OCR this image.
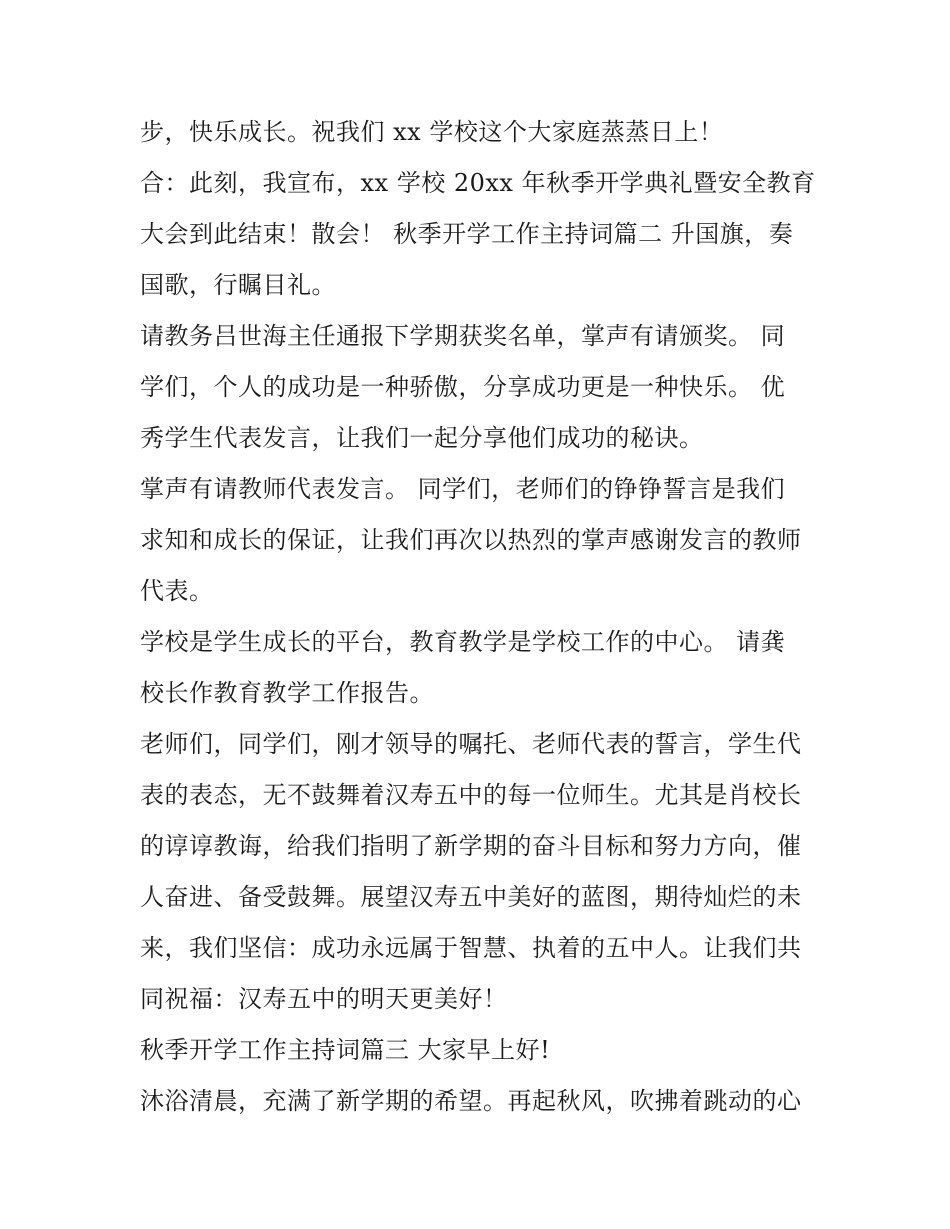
步，快乐成长。祝我们 xx 学校这个大家庭蒸蒸日上！
合：此刻，我宣布，xx 学校 20xx 年秋季开学典礼暨安全教育
大会到此结束！散会！ 秋季开学工作主持词篇二 升国旗，奏
国歌，行瞩目礼。
请教务吕世海主任通报下学期获奖名单，掌声有请颁奖。 同
学们，个人的成功是一种骄傲，分享成功更是一种快乐。 优
秀学生代表发言，让我们一起分享他们成功的秘诀。
掌声有请教师代表发言。 同学们，老师们的铮铮誓言是我们
求知和成长的保证，让我们再次以热烈的掌声感谢发言的教师
代表。
学校是学生成长的平台，教育教学是学校工作的中心。 请龚
校长作教育教学工作报告。
老师们，同学们，刚才领导的嘱托、老师代表的誓言，学生代
表的表态，无不鼓舞着汉寿五中的每一位师生。尤其是肖校长
的谆谆教诲，给我们指明了新学期的奋斗目标和努力方向，催
人奋进、备受鼓舞。展望汉寿五中美好的蓝图，期待灿烂的未
来，我们坚信：成功永远属于智慧、执着的五中人。让我们共
同祝福：汉寿五中的明天更美好！
秋季开学工作主持词篇三 大家早上好!
沐浴清晨，充满了新学期的希望。再起秋风，吹拂着跳动的心
